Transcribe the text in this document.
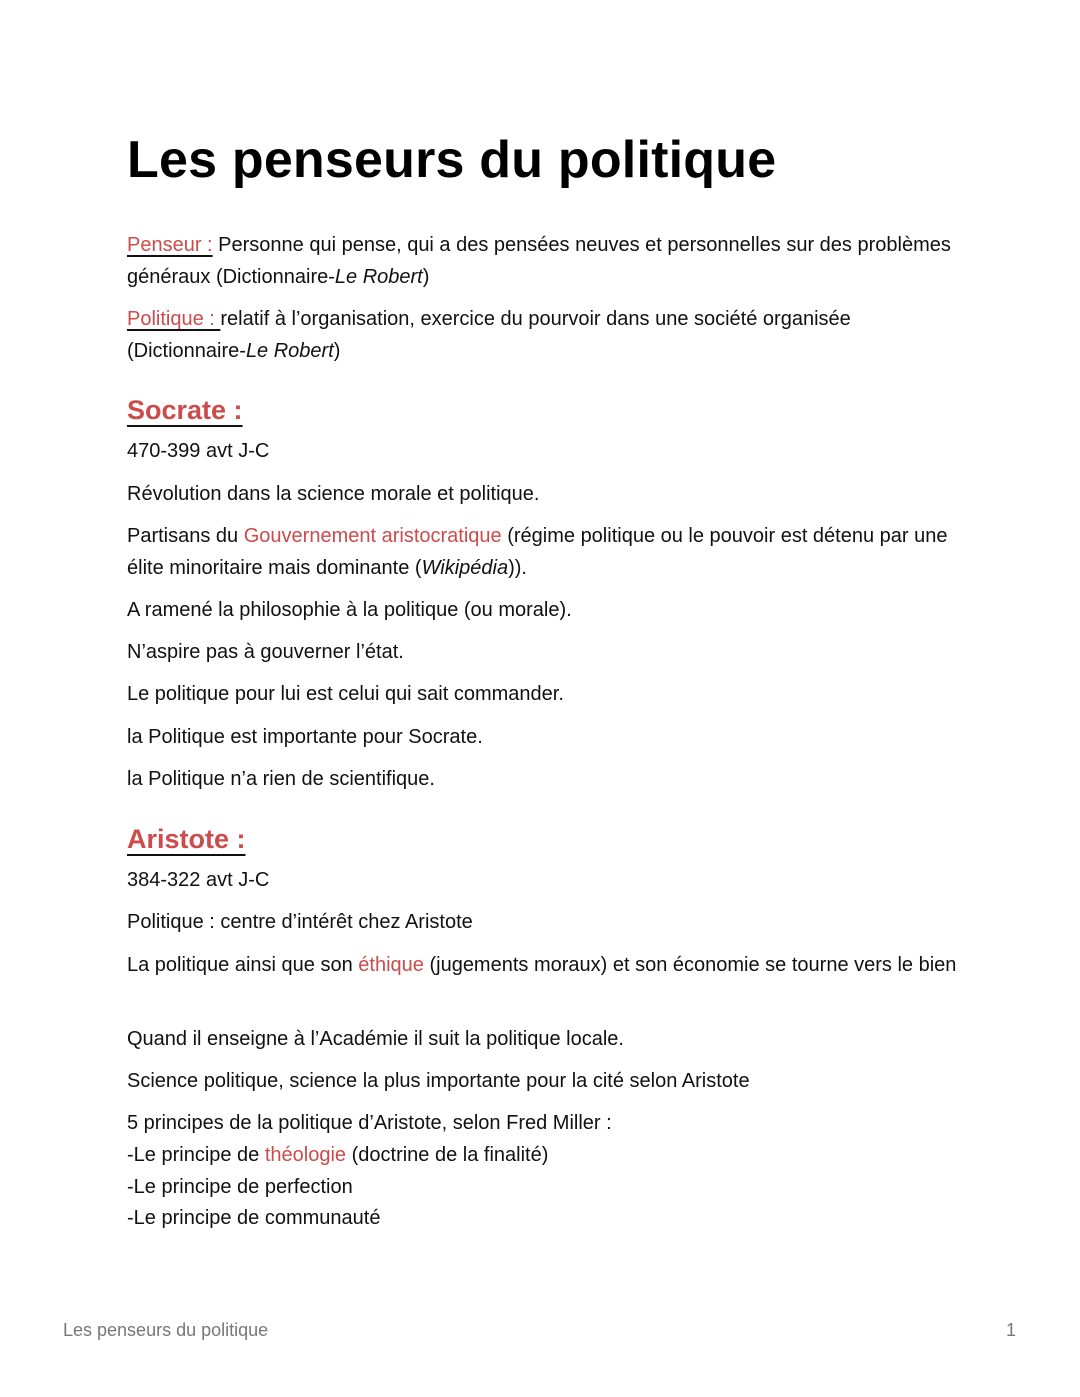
Les penseurs du politique

Penseur : Personne qui pense, qui a des pensées neuves et personnelles sur des problèmes généraux (Dictionnaire-Le Robert)

Politique : relatif à l’organisation, exercice du pourvoir dans une société organisée (Dictionnaire-Le Robert)

Socrate :

470-399 avt J-C

Révolution dans la science morale et politique.

Partisans du Gouvernement aristocratique (régime politique ou le pouvoir est détenu par une élite minoritaire mais dominante (Wikipédia)).

A ramené la philosophie à la politique (ou morale).

N’aspire pas à gouverner l’état.

Le politique pour lui est celui qui sait commander.

la Politique est importante pour Socrate.

la Politique n’a rien de scientifique.

Aristote :

384-322 avt J-C

Politique : centre d’intérêt chez Aristote

La politique ainsi que son éthique (jugements moraux) et son économie se tourne vers le bien

Quand il enseigne à l’Académie il suit la politique locale.

Science politique, science la plus importante pour la cité selon Aristote

5 principes de la politique d’Aristote, selon Fred Miller :

-Le principe de théologie (doctrine de la finalité)

-Le principe de perfection

-Le principe de communauté

Les penseurs du politique	1
